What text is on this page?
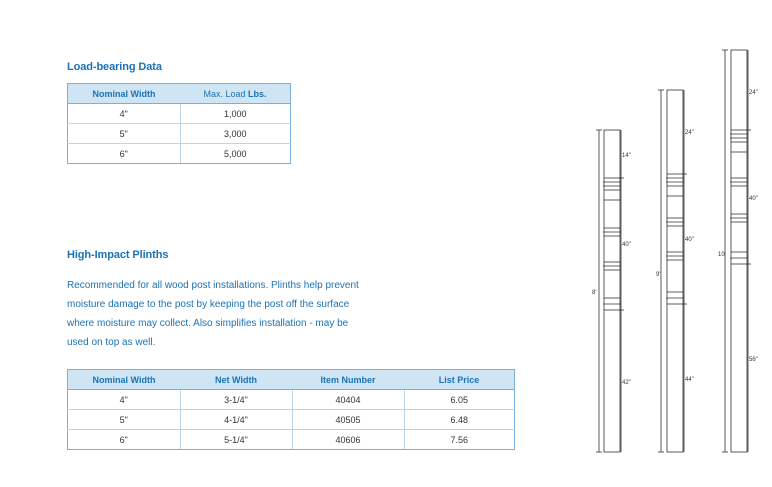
Load-bearing Data
Nominal Width	Max. Load Lbs.
4"	1,000
5"	3,000
6"	5,000
High-Impact Plinths
Recommended for all wood post installations. Plinths help prevent
moisture damage to the post by keeping the post off the surface
where moisture may collect. Also simplifies installation - may be
used on top as well.
Nominal Width	Net Width	Item Number	List Price
4"	3-1/4"	40404	6.05
5"	4-1/4"	40505	6.48
6"	5-1/4"	40606	7.56
8'
14"
40"
42"
9'
24"
40"
44"
10'
24"
40"
56"
